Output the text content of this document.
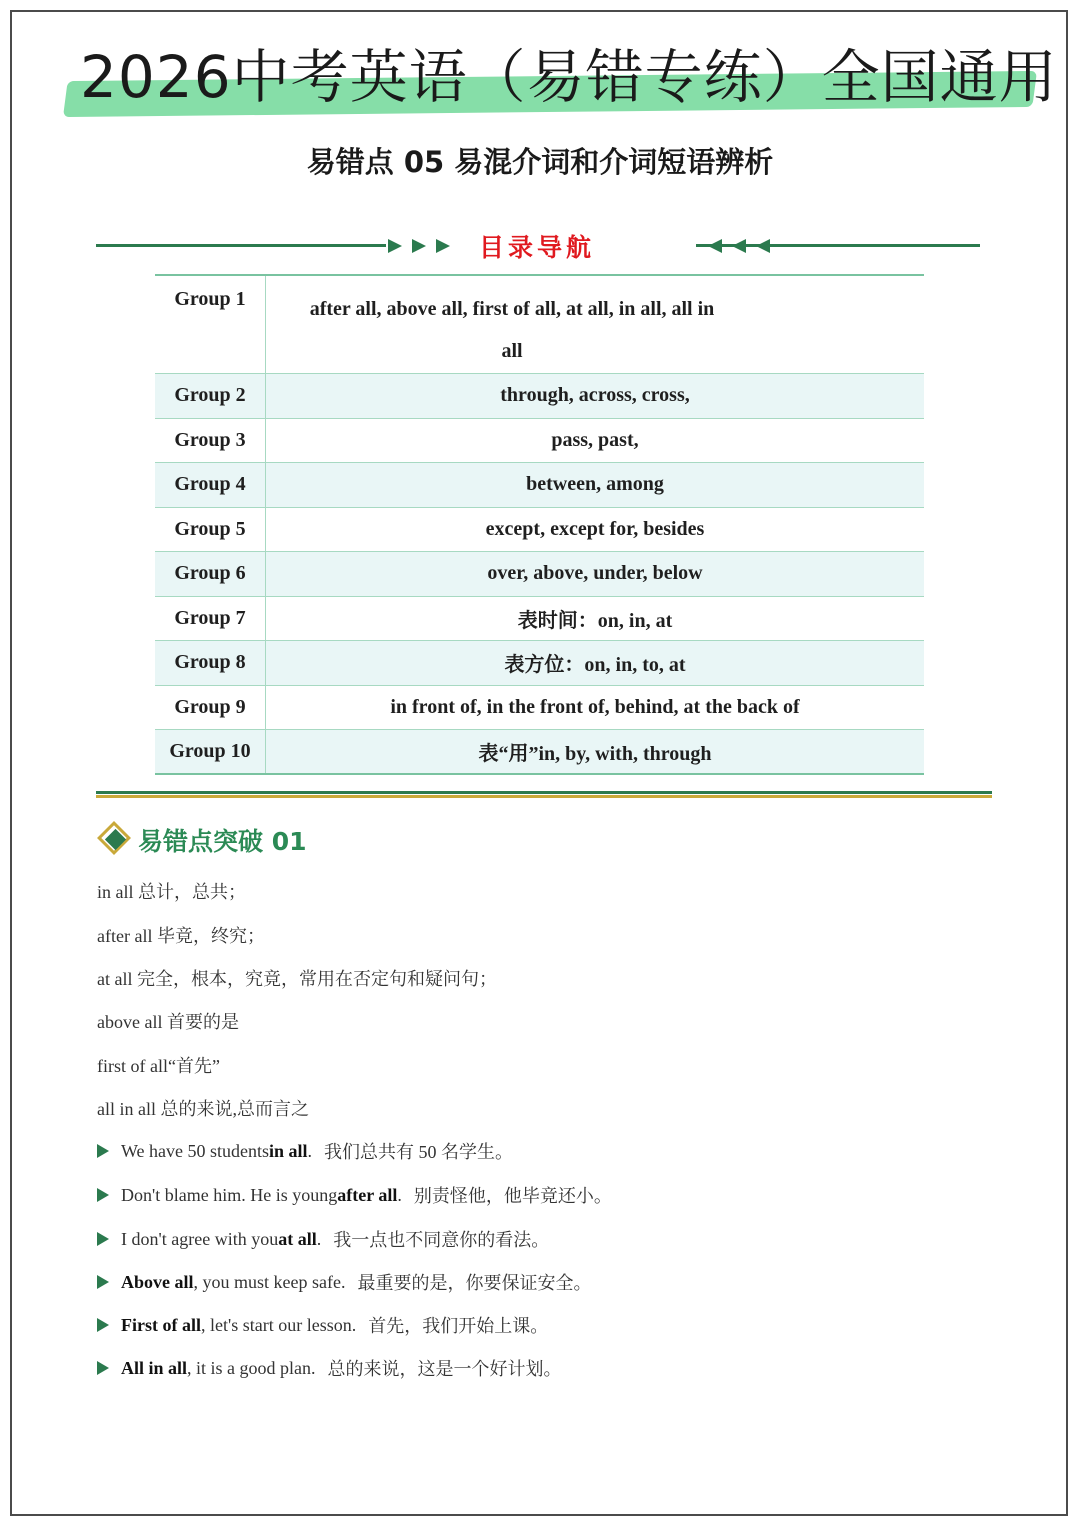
2026中考英语（易错专练）全国通用
易错点 05 易混介词和介词短语辨析
目录导航
Group 1	after all, above all, first of all, at all, in all, all in
all

Group 2	through, across, cross,
Group 3	pass, past,
Group 4	between, among
Group 5	except, except for, besides
Group 6	over, above, under, below
Group 7	表时间：on, in, at
Group 8	表方位：on, in, to, at
Group 9	in front of, in the front of, behind, at the back of
Group 10	表“用”in, by, with, through
易错点突破 01
in all 总计，总共；
after all 毕竟，终究；
at all 完全，根本，究竟，常用在否定句和疑问句；
above all 首要的是
first of all“首先”
all in all 总的来说,总而言之
We have 50 students in all . 我们总共有 50 名学生。
Don't blame him. He is young after all . 别责怪他，他毕竟还小。
I don't agree with you at all . 我一点也不同意你的看法。
Above all , you must keep safe. 最重要的是，你要保证安全。
First of all , let's start our lesson. 首先，我们开始上课。
All in all , it is a good plan. 总的来说，这是一个好计划。
